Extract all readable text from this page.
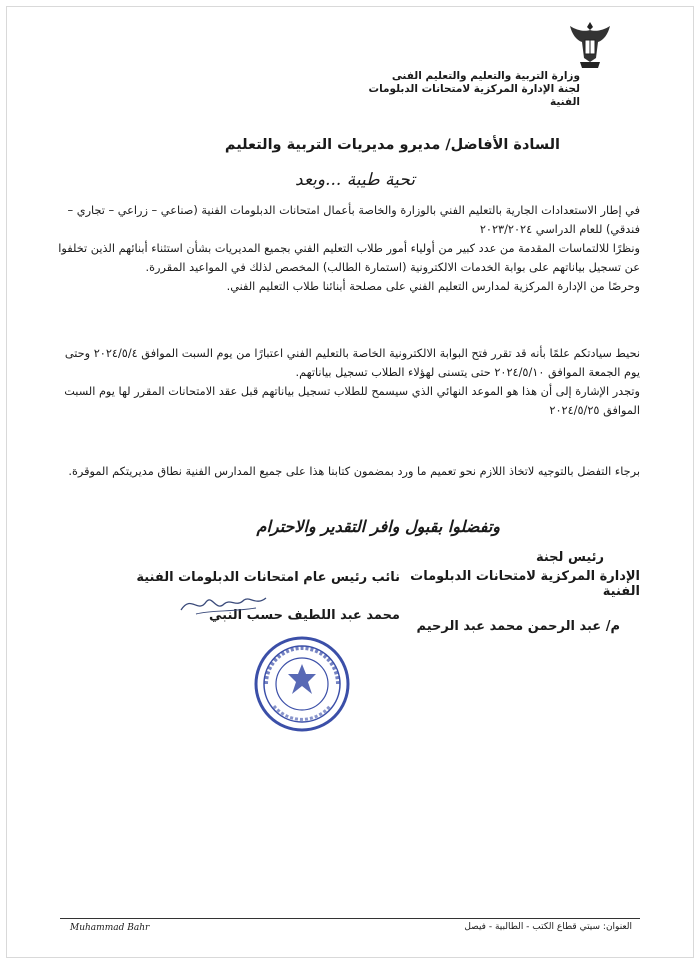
وزارة التربية والتعليم والتعليم الفنى
لجنة الإدارة المركزية لامتحانات الدبلومات الفنية
السادة الأفاضل/ مديرو مديريات التربية والتعليم
تحية طيبة ...وبعد

في إطار الاستعدادات الجارية بالتعليم الفني بالوزارة والخاصة بأعمال امتحانات الدبلومات الفنية (صناعي – زراعي – تجاري – فندقي) للعام الدراسي ٢٠٢٣/٢٠٢٤

ونظرًا للالتماسات المقدمة من عدد كبير من أولياء أمور طلاب التعليم الفني بجميع المديريات بشأن استثناء أبنائهم الذين تخلفوا عن تسجيل بياناتهم على بوابة الخدمات الالكترونية (استمارة الطالب) المخصص لذلك في المواعيد المقررة.

وحرصًا من الإدارة المركزية لمدارس التعليم الفني على مصلحة أبنائنا طلاب التعليم الفني.

نحيط سيادتكم علمًا بأنه قد تقرر فتح البوابة الالكترونية الخاصة بالتعليم الفني اعتبارًا من يوم السبت الموافق ٢٠٢٤/٥/٤ وحتى يوم الجمعة الموافق ٢٠٢٤/٥/١٠ حتى يتسنى لهؤلاء الطلاب تسجيل بياناتهم.

وتجدر الإشارة إلى أن هذا هو الموعد النهائي الذي سيسمح للطلاب تسجيل بياناتهم قبل عقد الامتحانات المقرر لها يوم السبت الموافق ٢٠٢٤/٥/٢٥

برجاء التفضل بالتوجيه لاتخاذ اللازم نحو تعميم ما ورد بمضمون كتابنا هذا على جميع المدارس الفنية نطاق مديريتكم الموقرة.

وتفضلوا بقبول وافر التقدير والاحترام
رئيس لجنة
الإدارة المركزية لامتحانات الدبلومات الفنية
م/ عبد الرحمن محمد عبد الرحيم
نائب رئيس عام امتحانات الدبلومات الفنية
محمد عبد اللطيف حسب النبي
Muhammad Bahr	العنوان: سيتي قطاع الكتب - الطالبية - فيصل
